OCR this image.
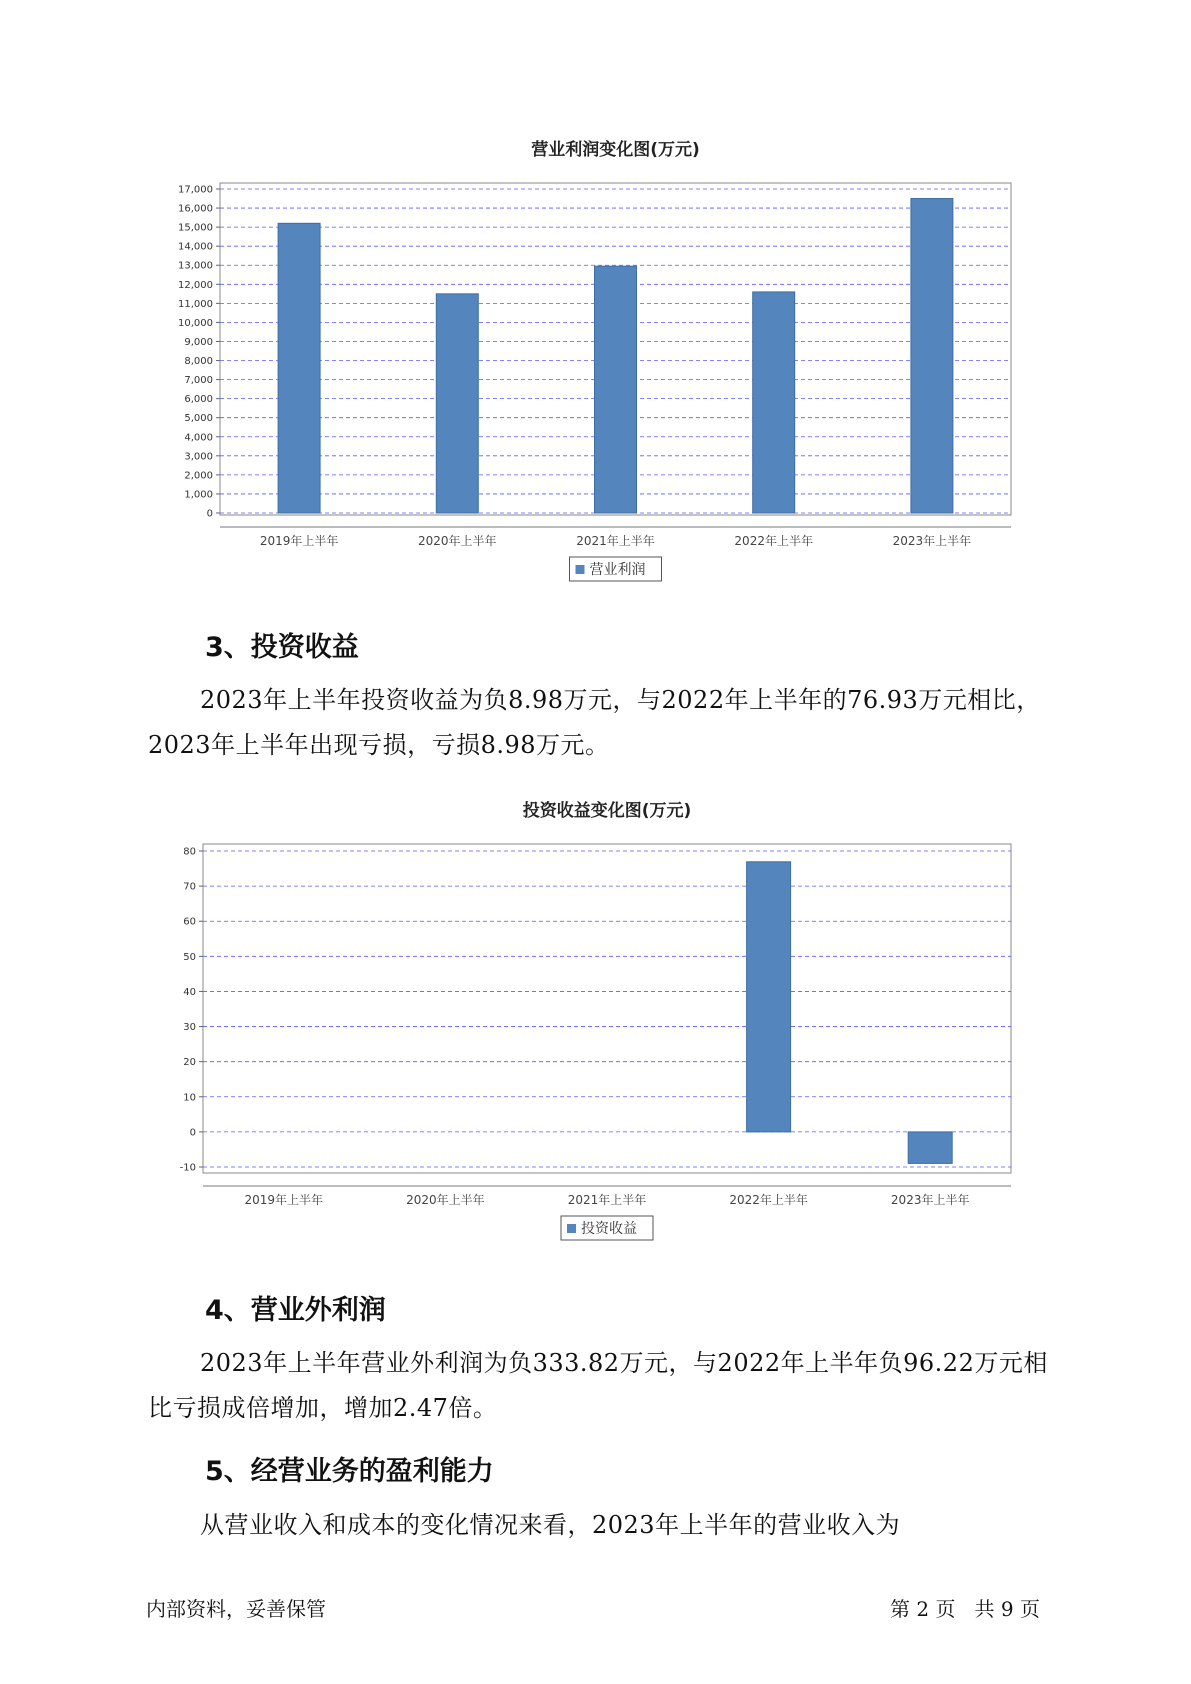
营业利润变化图(万元)
0
1,000
2,000
3,000
4,000
5,000
6,000
7,000
8,000
9,000
10,000
11,000
12,000
13,000
14,000
15,000
16,000
17,000
2019年上半年	2020年上半年	2021年上半年	2022年上半年	2023年上半年
营业利润
3、投资收益

2023年上半年投资收益为负8.98万元，与2022年上半年的76.93万元相比，2023年上半年出现亏损，亏损8.98万元。

投资收益变化图(万元)
-10
0
10
20
30
40
50
60
70
80
2019年上半年	2020年上半年	2021年上半年	2022年上半年	2023年上半年
投资收益
4、营业外利润

2023年上半年营业外利润为负333.82万元，与2022年上半年负96.22万元相比亏损成倍增加，增加2.47倍。

5、经营业务的盈利能力

从营业收入和成本的变化情况来看，2023年上半年的营业收入为

内部资料，妥善保管	第 2 页   共 9 页
